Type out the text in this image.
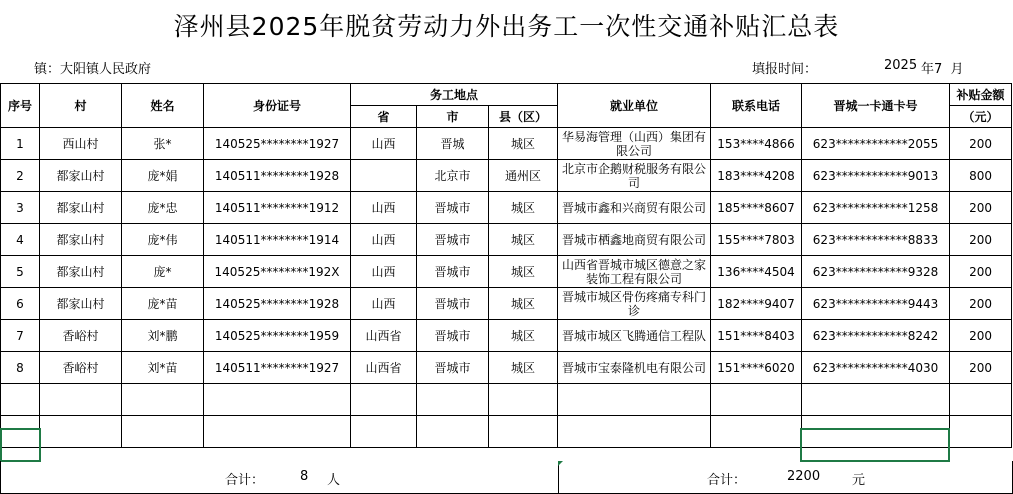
泽州县2025年脱贫劳动力外出务工一次性交通补贴汇总表
镇：大阳镇人民政府	填报时间：	2025 年7  月
序号	村	姓名	身份证号	务工地点			就业单位	联系电话	晋城一卡通卡号	补贴金额
				省	市	县（区）				（元）
1	西山村	张*	140525********1927	山西	晋城	城区	华易海管理（山西）集团有限公司	153****4866	623************2055	200
2	都家山村	庞*娟	140511********1928		北京市	通州区	北京市企鹅财税服务有限公司	183****4208	623************9013	800
3	都家山村	庞*忠	140511********1912	山西	晋城市	城区	晋城市鑫和兴商贸有限公司	185****8607	623************1258	200
4	都家山村	庞*伟	140511********1914	山西	晋城市	城区	晋城市栖鑫地商贸有限公司	155****7803	623************8833	200
5	都家山村	庞*	140525********192X	山西	晋城市	城区	山西省晋城市城区德意之家装饰工程有限公司	136****4504	623************9328	200
6	都家山村	庞*苗	140525********1928	山西	晋城市	城区	晋城市城区骨伤疼痛专科门诊	182****9407	623************9443	200
7	香峪村	刘*鹏	140525********1959	山西省	晋城市	城区	晋城市城区飞腾通信工程队	151****8403	623************8242	200
8	香峪村	刘*苗	140511********1927	山西省	晋城市	城区	晋城市宝泰隆机电有限公司	151****6020	623************4030	200

合计：	8 人	合计：	2200 元
